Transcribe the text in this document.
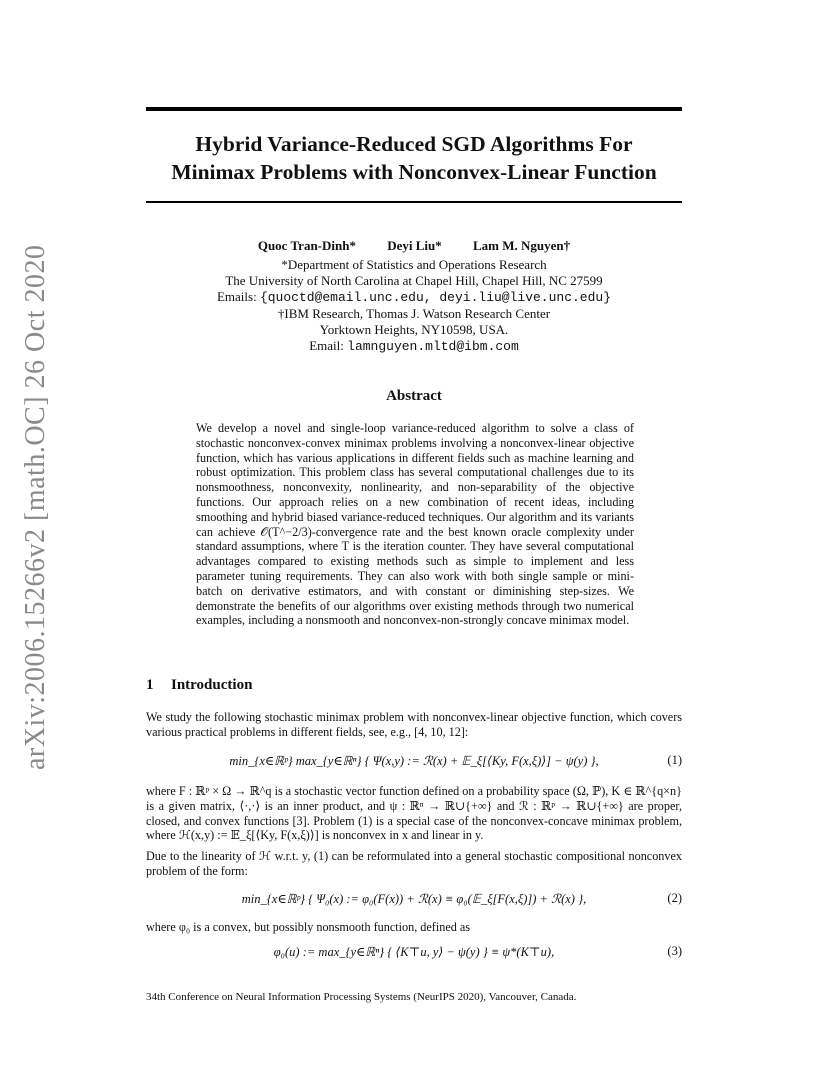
arXiv:2006.15266v2 [math.OC] 26 Oct 2020
Hybrid Variance-Reduced SGD Algorithms For
Minimax Problems with Nonconvex-Linear Function
Quoc Tran-Dinh* Deyi Liu* Lam M. Nguyen†
*Department of Statistics and Operations Research
The University of North Carolina at Chapel Hill, Chapel Hill, NC 27599
Emails: {quoctd@email.unc.edu, deyi.liu@live.unc.edu}
†IBM Research, Thomas J. Watson Research Center
Yorktown Heights, NY10598, USA.
Email: lamnguyen.mltd@ibm.com
Abstract
We develop a novel and single-loop variance-reduced algorithm to solve a class of stochastic nonconvex-convex minimax problems involving a nonconvex-linear objective function, which has various applications in different fields such as machine learning and robust optimization. This problem class has several computational challenges due to its nonsmoothness, nonconvexity, nonlinearity, and non-separability of the objective functions. Our approach relies on a new combination of recent ideas, including smoothing and hybrid biased variance-reduced techniques. Our algorithm and its variants can achieve 𝒪(T^−2/3)-convergence rate and the best known oracle complexity under standard assumptions, where T is the iteration counter. They have several computational advantages compared to existing methods such as simple to implement and less parameter tuning requirements. They can also work with both single sample or mini-batch on derivative estimators, and with constant or diminishing step-sizes. We demonstrate the benefits of our algorithms over existing methods through two numerical examples, including a nonsmooth and nonconvex-non-strongly concave minimax model.
1 Introduction
We study the following stochastic minimax problem with nonconvex-linear objective function, which covers various practical problems in different fields, see, e.g., [4, 10, 12]:
min_{x∈ℝᵖ} max_{y∈ℝⁿ} { Ψ(x,y) := ℛ(x) + 𝔼_ξ[⟨Ky, F(x,ξ)⟩] − ψ(y) },	(1)
where F : ℝᵖ × Ω → ℝ^q is a stochastic vector function defined on a probability space (Ω, ℙ), K ∈ ℝ^{q×n} is a given matrix, ⟨·,·⟩ is an inner product, and ψ : ℝⁿ → ℝ∪{+∞} and ℛ : ℝᵖ → ℝ∪{+∞} are proper, closed, and convex functions [3]. Problem (1) is a special case of the nonconvex-concave minimax problem, where ℋ(x,y) := 𝔼_ξ[⟨Ky, F(x,ξ)⟩] is nonconvex in x and linear in y.
Due to the linearity of ℋ w.r.t. y, (1) can be reformulated into a general stochastic compositional nonconvex problem of the form:
min_{x∈ℝᵖ} { Ψ₀(x) := φ₀(F(x)) + ℛ(x) ≡ φ₀(𝔼_ξ[F(x,ξ)]) + ℛ(x) },	(2)
where φ₀ is a convex, but possibly nonsmooth function, defined as
φ₀(u) := max_{y∈ℝⁿ} { ⟨K⊤u, y⟩ − ψ(y) } ≡ ψ*(K⊤u),	(3)
34th Conference on Neural Information Processing Systems (NeurIPS 2020), Vancouver, Canada.
